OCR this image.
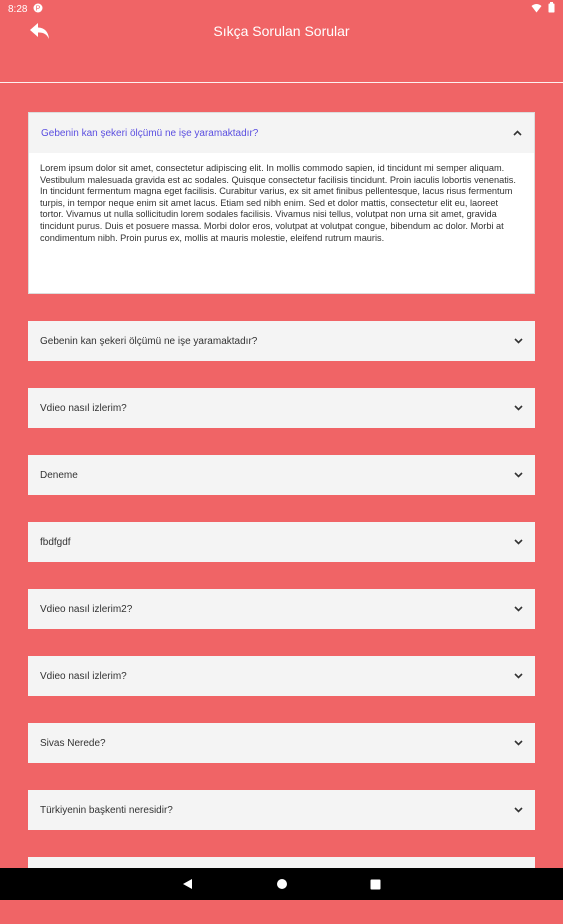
8:28 P
Sıkça Sorulan Sorular
Gebenin kan şekeri ölçümü ne işe yaramaktadır?
Lorem ipsum dolor sit amet, consectetur adipiscing elit. In mollis commodo sapien, id tincidunt mi semper aliquam. Vestibulum malesuada gravida est ac sodales. Quisque consectetur facilisis tincidunt. Proin iaculis lobortis venenatis. In tincidunt fermentum magna eget facilisis. Curabitur varius, ex sit amet finibus pellentesque, lacus risus fermentum turpis, in tempor neque enim sit amet lacus. Etiam sed nibh enim. Sed et dolor mattis, consectetur elit eu, laoreet tortor. Vivamus ut nulla sollicitudin lorem sodales facilisis. Vivamus nisi tellus, volutpat non urna sit amet, gravida tincidunt purus. Duis et posuere massa. Morbi dolor eros, volutpat at volutpat congue, bibendum ac dolor. Morbi at condimentum nibh. Proin purus ex, mollis at mauris molestie, eleifend rutrum mauris.
Gebenin kan şekeri ölçümü ne işe yaramaktadır?
Vdieo nasıl izlerim?
Deneme
fbdfgdf
Vdieo nasıl izlerim2?
Vdieo nasıl izlerim?
Sivas Nerede?
Türkiyenin başkenti neresidir?
